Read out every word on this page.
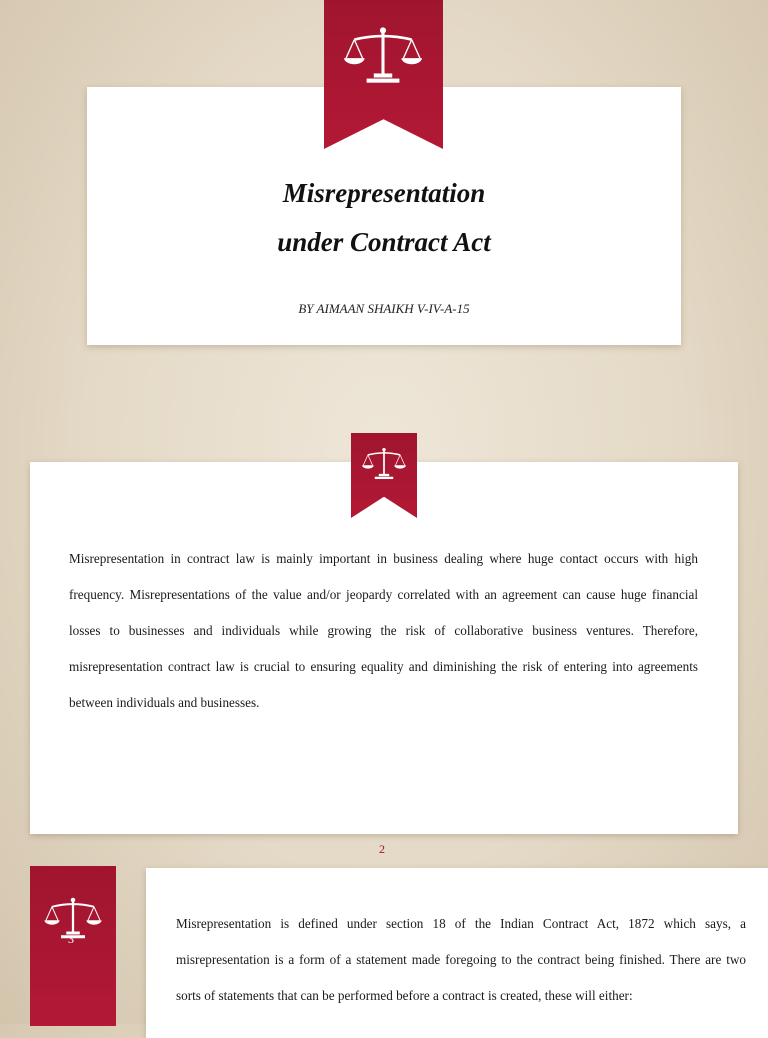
Misrepresentation
under Contract Act
BY AIMAAN SHAIKH V-IV-A-15

Misrepresentation in contract law is mainly important in business dealing where huge contact occurs with high frequency. Misrepresentations of the value and/or jeopardy correlated with an agreement can cause huge financial losses to businesses and individuals while growing the risk of collaborative business ventures. Therefore, misrepresentation contract law is crucial to ensuring equality and diminishing the risk of entering into agreements between individuals and businesses.

2
3

Misrepresentation is defined under section 18 of the Indian Contract Act, 1872 which says, a misrepresentation is a form of a statement made foregoing to the contract being finished. There are two sorts of statements that can be performed before a contract is created, these will either:
